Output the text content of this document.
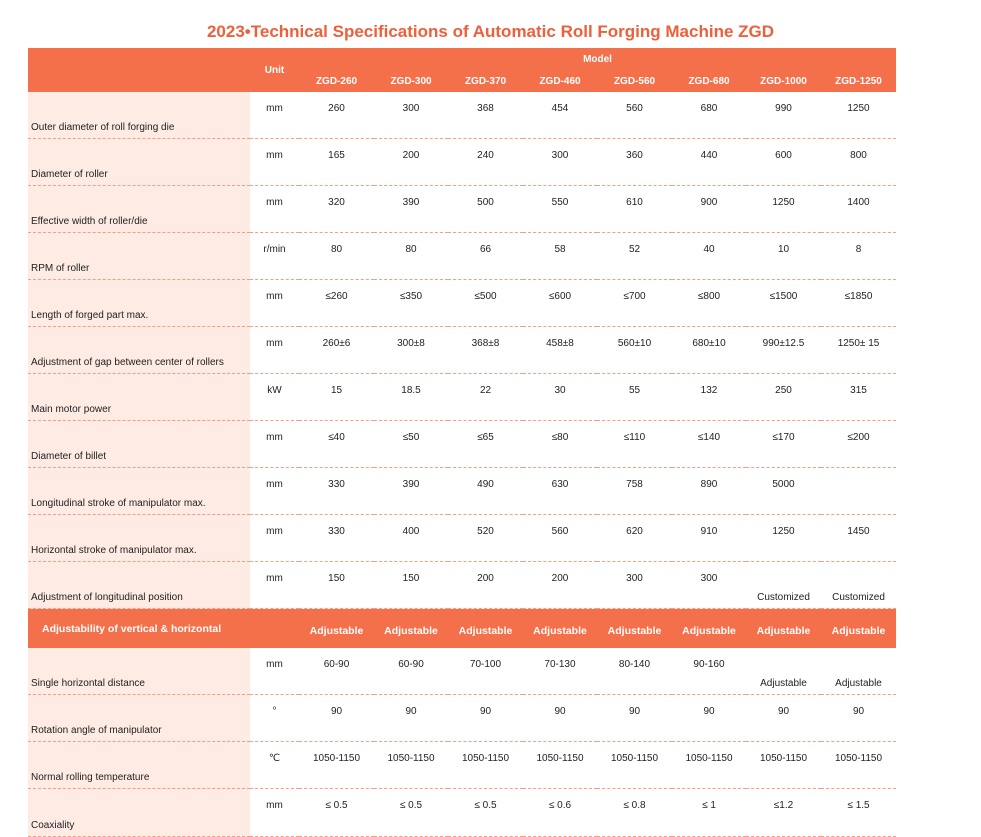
2023•Technical Specifications of Automatic Roll Forging Machine ZGD
	Unit	Model							
		ZGD-260	ZGD-300	ZGD-370	ZGD-460	ZGD-560	ZGD-680	ZGD-1000	ZGD-1250
Outer diameter of roll forging die	mm	260	300	368	454	560	680	990	1250
Diameter of roller	mm	165	200	240	300	360	440	600	800
Effective width of roller/die	mm	320	390	500	550	610	900	1250	1400
RPM of roller	r/min	80	80	66	58	52	40	10	8
Length of forged part max.	mm	≤260	≤350	≤500	≤600	≤700	≤800	≤1500	≤1850
Adjustment of gap between center of rollers	mm	260±6	300±8	368±8	458±8	560±10	680±10	990±12.5	1250± 15
Main motor power	kW	15	18.5	22	30	55	132	250	315
Diameter of billet	mm	≤40	≤50	≤65	≤80	≤110	≤140	≤170	≤200
Longitudinal stroke of manipulator max.	mm	330	390	490	630	758	890	5000	
Horizontal stroke of manipulator max.	mm	330	400	520	560	620	910	1250	1450
Adjustment of longitudinal position	mm	150	150	200	200	300	300	Customized	Customized
Adjustability of vertical & horizontal		Adjustable	Adjustable	Adjustable	Adjustable	Adjustable	Adjustable	Adjustable	Adjustable
Single horizontal distance	mm	60-90	60-90	70-100	70-130	80-140	90-160	Adjustable	Adjustable
Rotation angle of manipulator	°	90	90	90	90	90	90	90	90
Normal rolling temperature	℃	1050-1150	1050-1150	1050-1150	1050-1150	1050-1150	1050-1150	1050-1150	1050-1150
Coaxiality	mm	≤ 0.5	≤ 0.5	≤ 0.5	≤ 0.6	≤ 0.8	≤ 1	≤1.2	≤ 1.5
